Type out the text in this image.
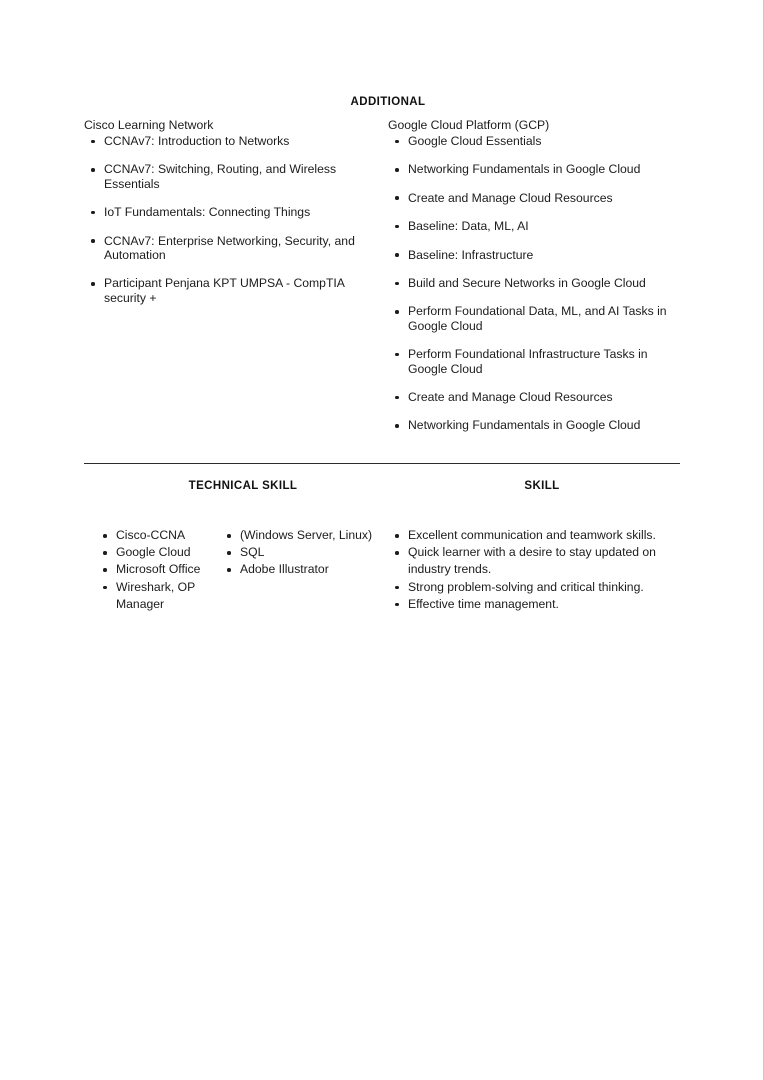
ADDITIONAL
Cisco Learning Network
CCNAv7: Introduction to Networks
CCNAv7: Switching, Routing, and Wireless Essentials
IoT Fundamentals: Connecting Things
CCNAv7: Enterprise Networking, Security, and Automation
Participant Penjana KPT UMPSA - CompTIA security +
Google Cloud Platform (GCP)
Google Cloud Essentials
Networking Fundamentals in Google Cloud
Create and Manage Cloud Resources
Baseline: Data, ML, AI
Baseline: Infrastructure
Build and Secure Networks in Google Cloud
Perform Foundational Data, ML, and AI Tasks in Google Cloud
Perform Foundational Infrastructure Tasks in Google Cloud
Create and Manage Cloud Resources
Networking Fundamentals in Google Cloud
TECHNICAL SKILL	SKILL
Cisco-CCNA
Google Cloud
Microsoft Office
Wireshark, OP Manager
(Windows Server, Linux)
SQL
Adobe Illustrator
Excellent communication and teamwork skills.
Quick learner with a desire to stay updated on industry trends.
Strong problem-solving and critical thinking.
Effective time management.
